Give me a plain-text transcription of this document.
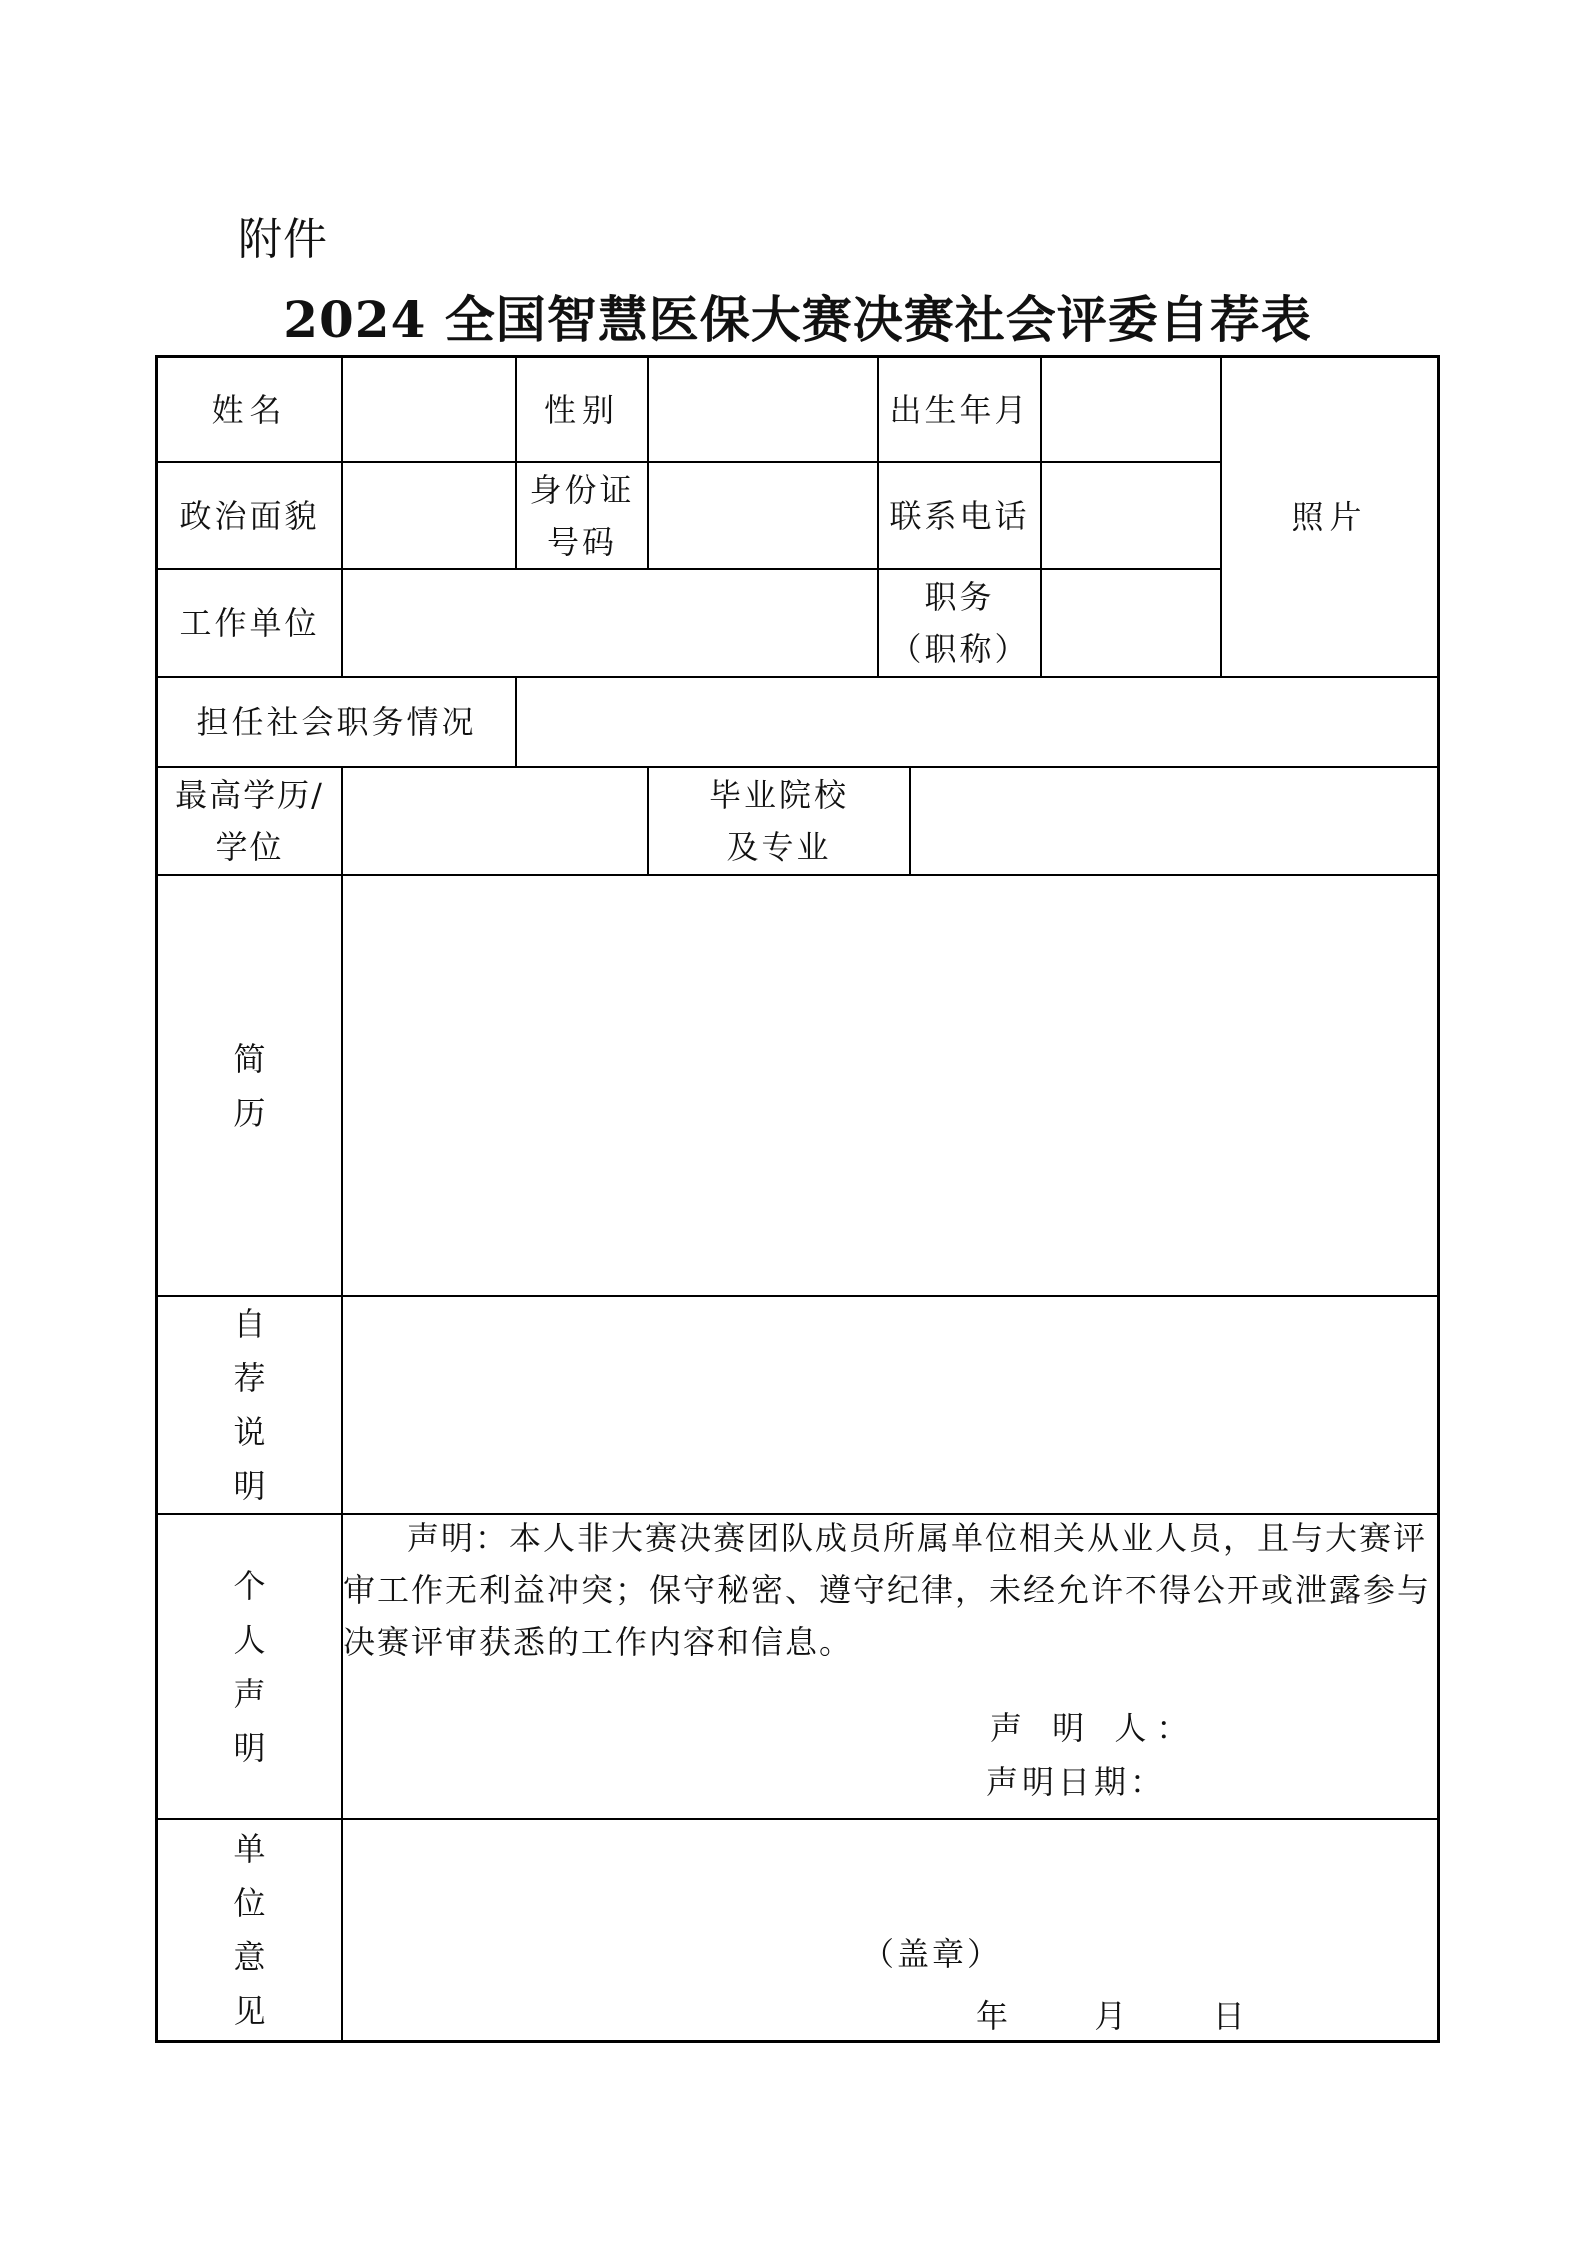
附件
2024 全国智慧医保大赛决赛社会评委自荐表
姓名	性别	出生年月
照片
政治面貌
身份证
号码
联系电话
工作单位
职务
（职称）
担任社会职务情况
最高学历/
学位
毕业院校
及专业
简
历
自
荐
说
明
个
人
声
明
单
位
意
见
声明：本人非大赛决赛团队成员所属单位相关从业人员，且与大赛评审工作无利益冲突；保守秘密、遵守纪律，未经允许不得公开或泄露参与决赛评审获悉的工作内容和信息。
声 明 人：
声明日期：
（盖章）
年  月  日
